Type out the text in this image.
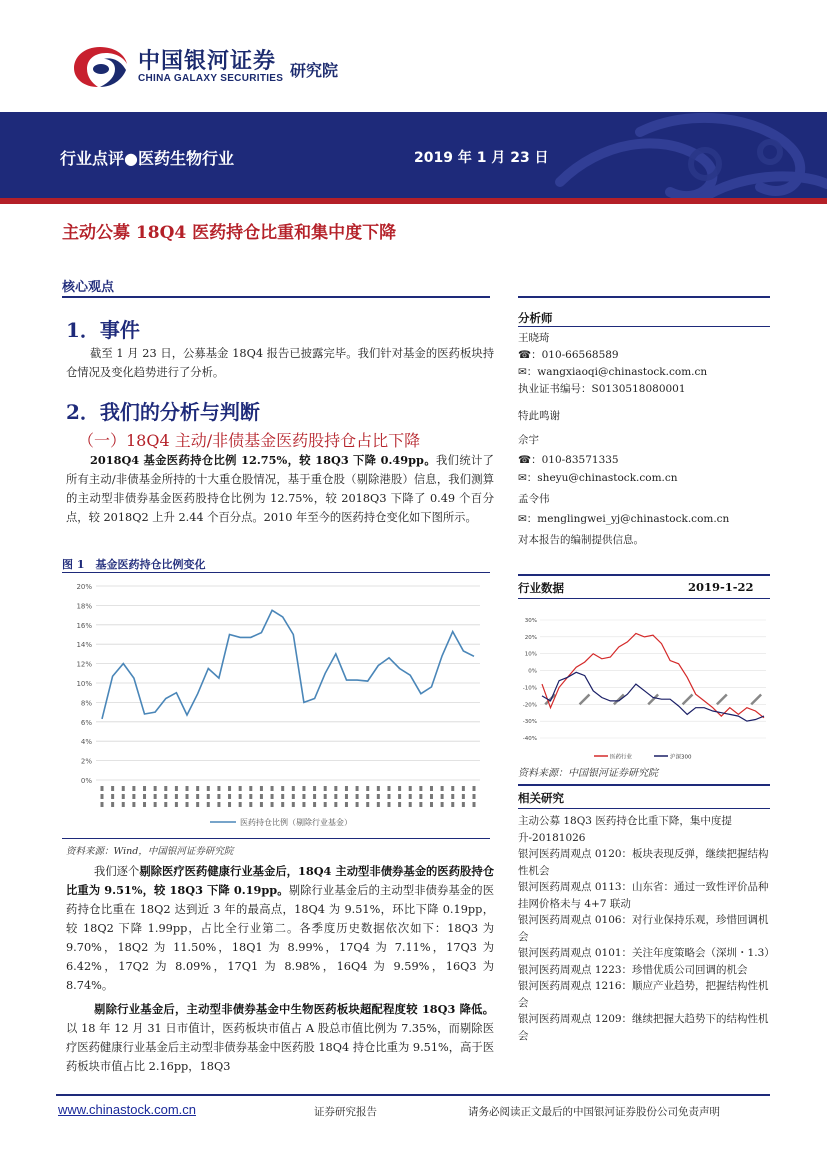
中国银河证券
CHINA GALAXY SECURITIES 研究院
行业点评●医药生物行业	2019 年 1 月 23 日
主动公募 18Q4 医药持仓比重和集中度下降
核心观点
1．事件
截至 1 月 23 日，公募基金 18Q4 报告已披露完毕。我们针对基金的医药板块持仓情况及变化趋势进行了分析。
2．我们的分析与判断
（一）18Q4 主动/非债基金医药股持仓占比下降
2018Q4 基金医药持仓比例 12.75%，较 18Q3 下降 0.49pp。我们统计了所有主动/非债基金所持的十大重仓股情况，基于重仓股（剔除港股）信息，我们测算的主动型非债券基金医药股持仓比例为 12.75%，较 2018Q3 下降了 0.49 个百分点，较 2018Q2 上升 2.44 个百分点。2010 年至今的医药持仓变化如下图所示。
图 1　基金医药持仓比例变化
20%
18%
16%
14%
12%
10%
8%
6%
4%
2%
0%
医药持仓比例（剔除行业基金）
资料来源：Wind，中国银河证券研究院
我们逐个剔除医疗医药健康行业基金后，18Q4 主动型非债券基金的医药股持仓比重为 9.51%，较 18Q3 下降 0.19pp。剔除行业基金后的主动型非债券基金的医药持仓比重在 18Q2 达到近 3 年的最高点，18Q4 为 9.51%，环比下降 0.19pp，较 18Q2 下降 1.99pp，占比全行业第二。各季度历史数据依次如下：18Q3 为 9.70%，18Q2 为 11.50%，18Q1 为 8.99%，17Q4 为 7.11%，17Q3 为 6.42%，17Q2 为 8.09%，17Q1 为 8.98%，16Q4 为 9.59%，16Q3 为 8.74%。
剔除行业基金后，主动型非债券基金中生物医药板块超配程度较 18Q3 降低。以 18 年 12 月 31 日市值计，医药板块市值占 A 股总市值比例为 7.35%，而剔除医疗医药健康行业基金后主动型非债券基金中医药股 18Q4 持仓比重为 9.51%，高于医药板块市值占比 2.16pp，18Q3
分析师
王晓琦
☎：010-66568589
✉：wangxiaoqi@chinastock.com.cn
执业证书编号：S0130518080001
特此鸣谢
佘宇
☎：010-83571335
✉：sheyu@chinastock.com.cn
孟令伟
✉：menglingwei_yj@chinastock.com.cn
对本报告的编制提供信息。
行业数据	2019-1-22
30%
20%
10%
0%
-10%
-20%
-30%
-40%
医药行业	沪深300
资料来源：中国银河证券研究院
相关研究
主动公募 18Q3 医药持仓比重下降，集中度提升-20181026
银河医药周观点 0120：板块表现反弹，继续把握结构性机会
银河医药周观点 0113：山东省：通过一致性评价品种挂网价格未与 4+7 联动
银河医药周观点 0106：对行业保持乐观，珍惜回调机会
银河医药周观点 0101：关注年度策略会（深圳・1.3）
银河医药周观点 1223：珍惜优质公司回调的机会
银河医药周观点 1216：顺应产业趋势，把握结构性机会
银河医药周观点 1209：继续把握大趋势下的结构性机会
www.chinastock.com.cn	证券研究报告	请务必阅读正文最后的中国银河证券股份公司免责声明
